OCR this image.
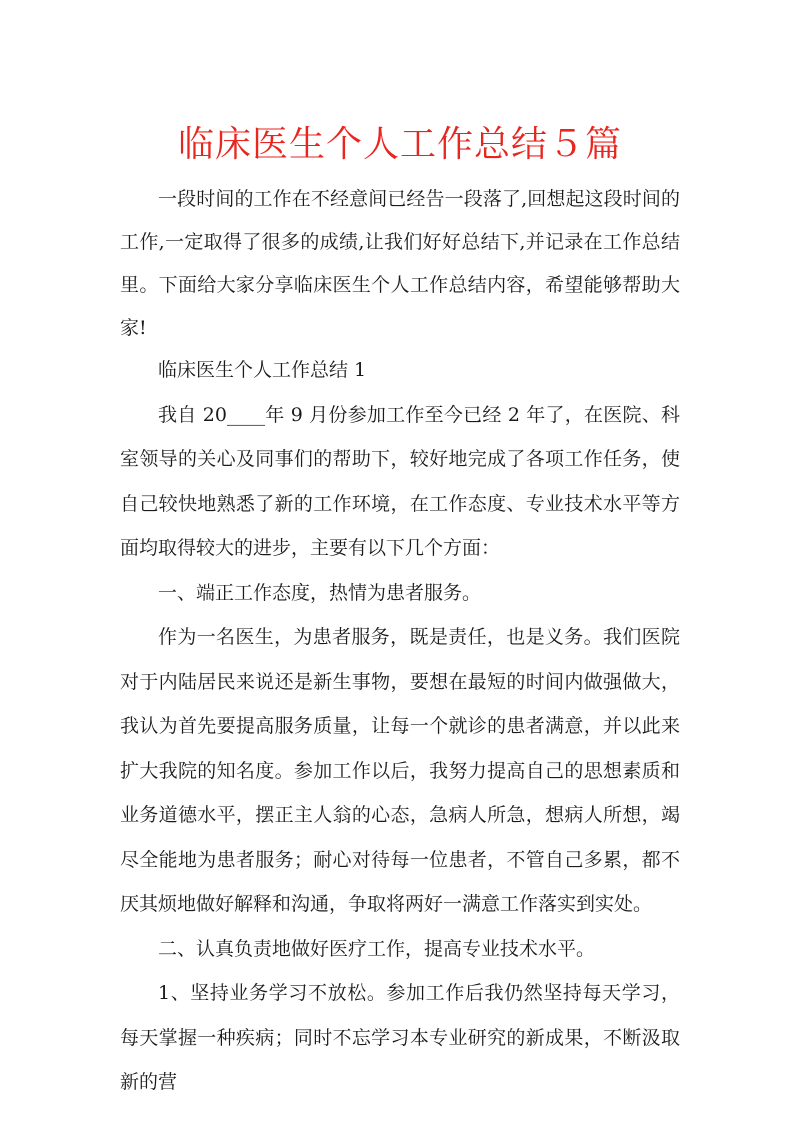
临床医生个人工作总结５篇

一段时间的工作在不经意间已经告一段落了,回想起这段时间的工作,一定取得了很多的成绩,让我们好好总结下,并记录在工作总结里。下面给大家分享临床医生个人工作总结内容，希望能够帮助大家!

临床医生个人工作总结 1

我自 20____年 9 月份参加工作至今已经 2 年了，在医院、科室领导的关心及同事们的帮助下，较好地完成了各项工作任务，使自己较快地熟悉了新的工作环境，在工作态度、专业技术水平等方面均取得较大的进步，主要有以下几个方面：

一、端正工作态度，热情为患者服务。

作为一名医生，为患者服务，既是责任，也是义务。我们医院对于内陆居民来说还是新生事物，要想在最短的时间内做强做大，我认为首先要提高服务质量，让每一个就诊的患者满意，并以此来扩大我院的知名度。参加工作以后，我努力提高自己的思想素质和业务道德水平，摆正主人翁的心态，急病人所急，想病人所想，竭尽全能地为患者服务；耐心对待每一位患者，不管自己多累，都不厌其烦地做好解释和沟通，争取将两好一满意工作落实到实处。

二、认真负责地做好医疗工作，提高专业技术水平。

1、坚持业务学习不放松。参加工作后我仍然坚持每天学习，每天掌握一种疾病；同时不忘学习本专业研究的新成果，不断汲取新的营
